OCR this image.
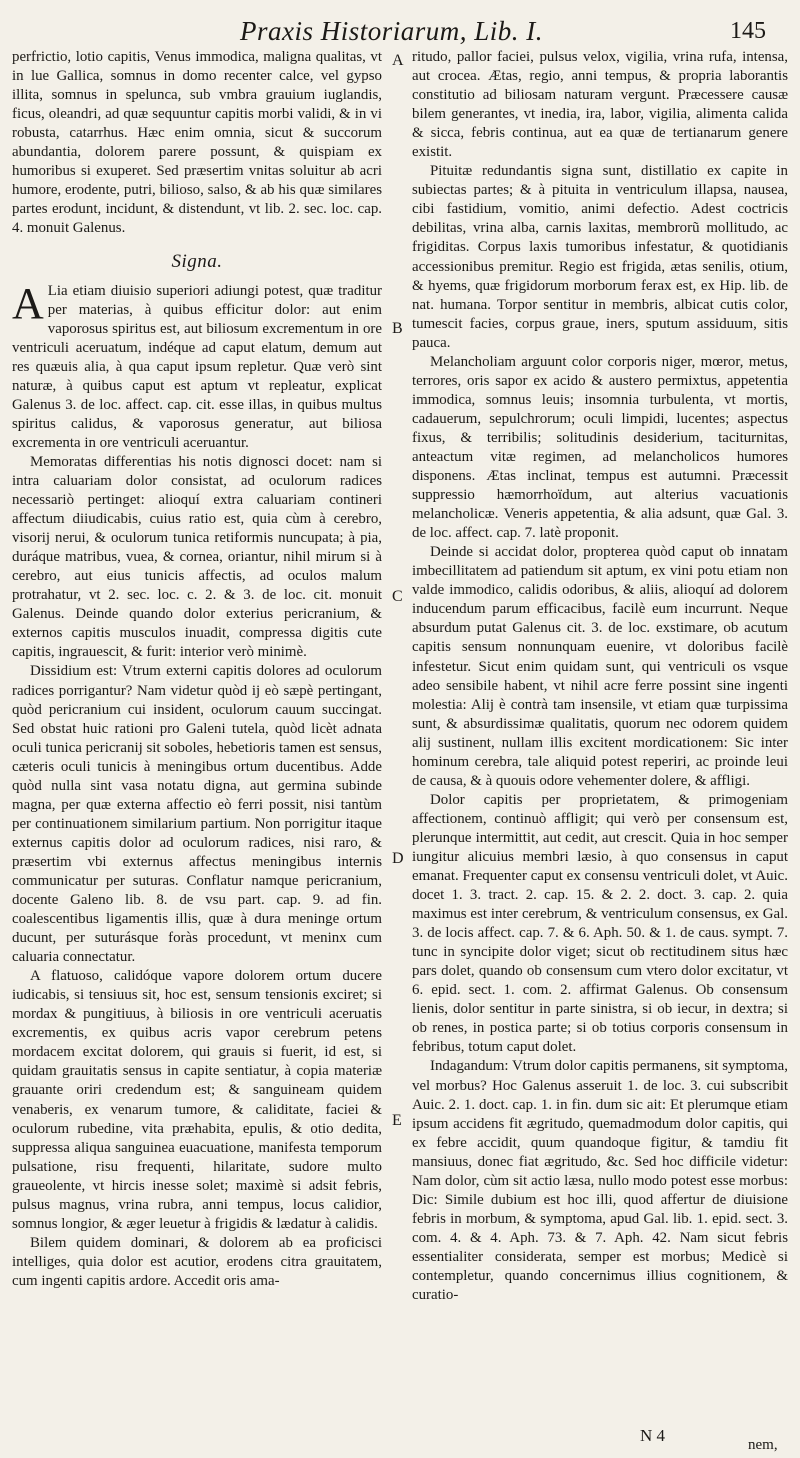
Praxis Historiarum, Lib. I.	145

perfrictio, lotio capitis, Venus immodica, maligna qualitas, vt in lue Gallica, somnus in domo recenter calce, vel gypso illita, somnus in spelunca, sub vmbra grauium iuglandis, ficus, oleandri, ad quæ sequuntur capitis morbi validi, & in vi robusta, catarrhus. Hæc enim omnia, sicut & succorum abundantia, dolorem parere possunt, & quispiam ex humoribus si exuperet. Sed præsertim vnitas soluitur ab acri humore, erodente, putri, bilioso, salso, & ab his quæ similares partes erodunt, incidunt, & distendunt, vt lib. 2. sec. loc. cap. 4. monuit Galenus.

Signa.

A Lia etiam diuisio superiori adiungi potest, quæ traditur per materias, à quibus efficitur dolor: aut enim vaporosus spiritus est, aut biliosum excrementum in ore ventriculi aceruatum, indéque ad caput elatum, demum aut res quæuis alia, à qua caput ipsum repletur. Quæ verò sint naturæ, à quibus caput est aptum vt repleatur, explicat Galenus 3. de loc. affect. cap. cit. esse illas, in quibus multus spiritus calidus, & vaporosus generatur, aut biliosa excrementa in ore ventriculi aceruantur.

Memoratas differentias his notis dignosci docet: nam si intra caluariam dolor consistat, ad oculorum radices necessariò pertinget: alioquí extra caluariam contineri affectum diiudicabis, cuius ratio est, quia cùm à cerebro, visorij nerui, & oculorum tunica retiformis nuncupata; à pia, duráque matribus, vuea, & cornea, oriantur, nihil mirum si à cerebro, aut eius tunicis affectis, ad oculos malum protrahatur, vt 2. sec. loc. c. 2. & 3. de loc. cit. monuit Galenus. Deinde quando dolor exterius pericranium, & externos capitis musculos inuadit, compressa digitis cute capitis, ingrauescit, & furit: interior verò minimè.

Dissidium est: Vtrum externi capitis dolores ad oculorum radices porrigantur? Nam videtur quòd ij eò sæpè pertingant, quòd pericranium cui insident, oculorum cauum succingat. Sed obstat huic rationi pro Galeni tutela, quòd licèt adnata oculi tunica pericranij sit soboles, hebetioris tamen est sensus, cæteris oculi tunicis à meningibus ortum ducentibus. Adde quòd nulla sint vasa notatu digna, aut germina subinde magna, per quæ externa affectio eò ferri possit, nisi tantùm per continuationem similarium partium. Non porrigitur itaque externus capitis dolor ad oculorum radices, nisi raro, & præsertim vbi externus affectus meningibus internis communicatur per suturas. Conflatur namque pericranium, docente Galeno lib. 8. de vsu part. cap. 9. ad fin. coalescentibus ligamentis illis, quæ à dura meninge ortum ducunt, per suturásque foràs procedunt, vt meninx cum caluaria connectatur.

A flatuoso, calidóque vapore dolorem ortum ducere iudicabis, si tensiuus sit, hoc est, sensum tensionis exciret; si mordax & pungitiuus, à biliosis in ore ventriculi aceruatis excrementis, ex quibus acris vapor cerebrum petens mordacem excitat dolorem, qui grauis si fuerit, id est, si quidam grauitatis sensus in capite sentiatur, à copia materiæ grauante oriri credendum est; & sanguineam quidem venaberis, ex venarum tumore, & caliditate, faciei & oculorum rubedine, vita præhabita, epulis, & otio dedita, suppressa aliqua sanguinea euacuatione, manifesta temporum pulsatione, risu frequenti, hilaritate, sudore multo graueolente, vt hircis inesse solet; maximè si adsit febris, pulsus magnus, vrina rubra, anni tempus, locus calidior, somnus longior, & æger leuetur à frigidis & lædatur à calidis.

Bilem quidem dominari, & dolorem ab ea proficisci intelliges, quia dolor est acutior, erodens citra grauitatem, cum ingenti capitis ardore. Accedit oris ama-

A
B
C
D
E

ritudo, pallor faciei, pulsus velox, vigilia, vrina rufa, intensa, aut crocea. Ætas, regio, anni tempus, & propria laborantis constitutio ad biliosam naturam vergunt. Præcessere causæ bilem generantes, vt inedia, ira, labor, vigilia, alimenta calida & sicca, febris continua, aut ea quæ de tertianarum genere existit.

Pituitæ redundantis signa sunt, distillatio ex capite in subiectas partes; & à pituita in ventriculum illapsa, nausea, cibi fastidium, vomitio, animi defectio. Adest coctricis debilitas, vrina alba, carnis laxitas, membrorũ mollitudo, ac frigiditas. Corpus laxis tumoribus infestatur, & quotidianis accessionibus premitur. Regio est frigida, ætas senilis, otium, & hyems, quæ frigidorum morborum ferax est, ex Hip. lib. de nat. humana. Torpor sentitur in membris, albicat cutis color, tumescit facies, corpus graue, iners, sputum assiduum, sitis pauca.

Melancholiam arguunt color corporis niger, mœror, metus, terrores, oris sapor ex acido & austero permixtus, appetentia immodica, somnus leuis; insomnia turbulenta, vt mortis, cadauerum, sepulchrorum; oculi limpidi, lucentes; aspectus fixus, & terribilis; solitudinis desiderium, taciturnitas, anteactum vitæ regimen, ad melancholicos humores disponens. Ætas inclinat, tempus est autumni. Præcessit suppressio hæmorrhoïdum, aut alterius vacuationis melancholicæ. Veneris appetentia, & alia adsunt, quæ Gal. 3. de loc. affect. cap. 7. latè proponit.

Deinde si accidat dolor, propterea quòd caput ob innatam imbecillitatem ad patiendum sit aptum, ex vini potu etiam non valde immodico, calidis odoribus, & aliis, alioquí ad dolorem inducendum parum efficacibus, facilè eum incurrunt. Neque absurdum putat Galenus cit. 3. de loc. exstimare, ob acutum capitis sensum nonnunquam euenire, vt doloribus facilè infestetur. Sicut enim quidam sunt, qui ventriculi os vsque adeo sensibile habent, vt nihil acre ferre possint sine ingenti molestia: Alij è contrà tam insensile, vt etiam quæ turpissima sunt, & absurdissimæ qualitatis, quorum nec odorem quidem alij sustinent, nullam illis excitent mordicationem: Sic inter hominum cerebra, tale aliquid potest reperiri, ac proinde leui de causa, & à quouis odore vehementer dolere, & affligi.

Dolor capitis per proprietatem, & primogeniam affectionem, continuò affligit; qui verò per consensum est, plerunque intermittit, aut cedit, aut crescit. Quia in hoc semper iungitur alicuius membri læsio, à quo consensus in caput emanat. Frequenter caput ex consensu ventriculi dolet, vt Auic. docet 1. 3. tract. 2. cap. 15. & 2. 2. doct. 3. cap. 2. quia maximus est inter cerebrum, & ventriculum consensus, ex Gal. 3. de locis affect. cap. 7. & 6. Aph. 50. & 1. de caus. sympt. 7. tunc in syncipite dolor viget; sicut ob rectitudinem situs hæc pars dolet, quando ob consensum cum vtero dolor excitatur, vt 6. epid. sect. 1. com. 2. affirmat Galenus. Ob consensum lienis, dolor sentitur in parte sinistra, si ob iecur, in dextra; si ob renes, in postica parte; si ob totius corporis consensum in febribus, totum caput dolet.

Indagandum: Vtrum dolor capitis permanens, sit symptoma, vel morbus? Hoc Galenus asseruit 1. de loc. 3. cui subscribit Auic. 2. 1. doct. cap. 1. in fin. dum sic ait: Et plerumque etiam ipsum accidens fit ægritudo, quemadmodum dolor capitis, qui ex febre accidit, quum quandoque figitur, & tamdiu fit mansiuus, donec fiat ægritudo, &c. Sed hoc difficile videtur: Nam dolor, cùm sit actio læsa, nullo modo potest esse morbus: Dic: Simile dubium est hoc illi, quod affertur de diuisione febris in morbum, & symptoma, apud Gal. lib. 1. epid. sect. 3. com. 4. & 4. Aph. 73. & 7. Aph. 42. Nam sicut febris essentialiter considerata, semper est morbus; Medicè si contempletur, quando concernimus illius cognitionem, & curatio-

N 4	nem,
